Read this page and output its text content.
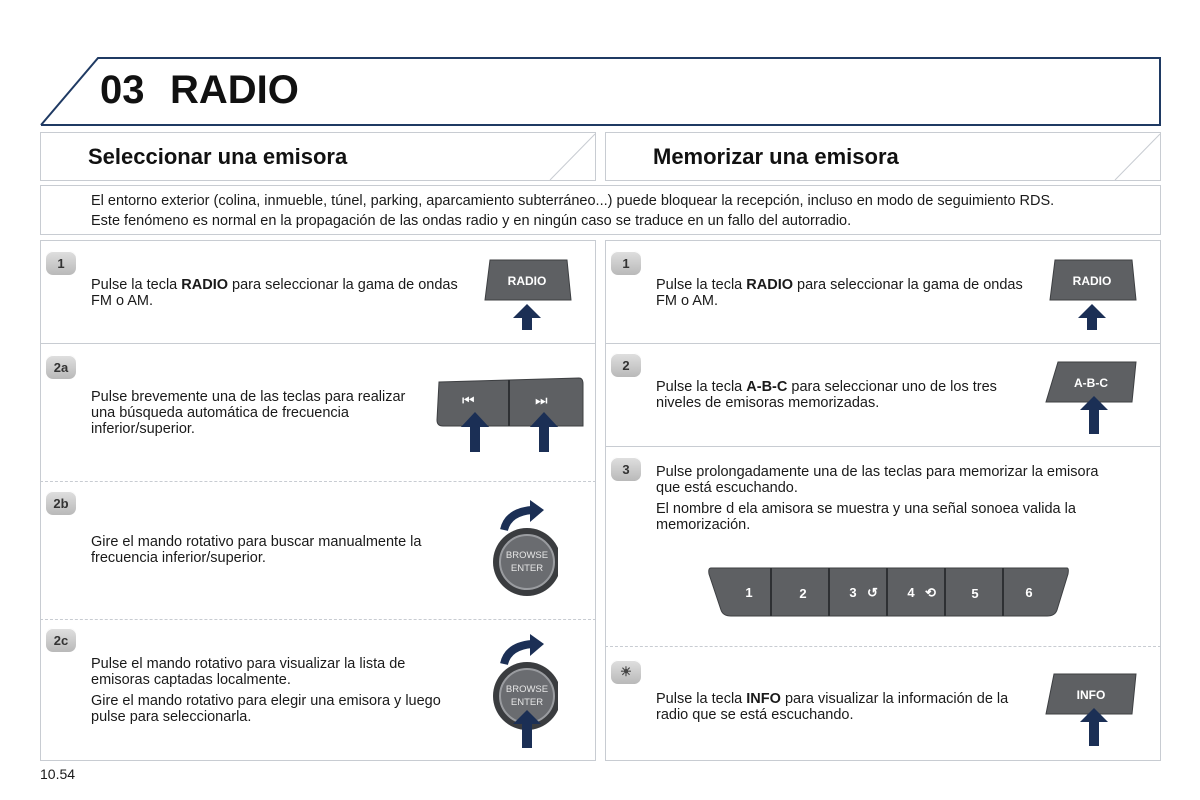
03 RADIO
Seleccionar una emisora	Memorizar una emisora
El entorno exterior (colina, inmueble, túnel, parking, aparcamiento subterráneo...) puede bloquear la recepción, incluso en modo de seguimiento RDS.
Este fenómeno es normal en la propagación de las ondas radio y en ningún caso se traduce en un fallo del autorradio.
1
Pulse la tecla RADIO para seleccionar la gama de ondas FM o AM.
RADIO
2a
Pulse brevemente una de las teclas para realizar una búsqueda automática de frecuencia inferior/superior.
⏮	⏭
2b
Gire el mando rotativo para buscar manualmente la frecuencia inferior/superior.	BROWSE
ENTER
2c
Pulse el mando rotativo para visualizar la lista de emisoras captadas localmente.
Gire el mando rotativo para elegir una emisora y luego pulse para seleccionarla.
BROWSE
ENTER
1
Pulse la tecla RADIO para seleccionar la gama de ondas FM o AM.
RADIO
2
Pulse la tecla A-B-C para seleccionar uno de los tres niveles de emisoras memorizadas.
A-B-C
3	Pulse prolongadamente una de las teclas para memorizar la emisora que está escuchando.
El nombre d ela amisora se muestra y una señal sonoea valida la memorización.
1	2	3 ↺ 4 ⟲	5	6
☀
Pulse la tecla INFO para visualizar la información de la radio que se está escuchando.
INFO
10.54
